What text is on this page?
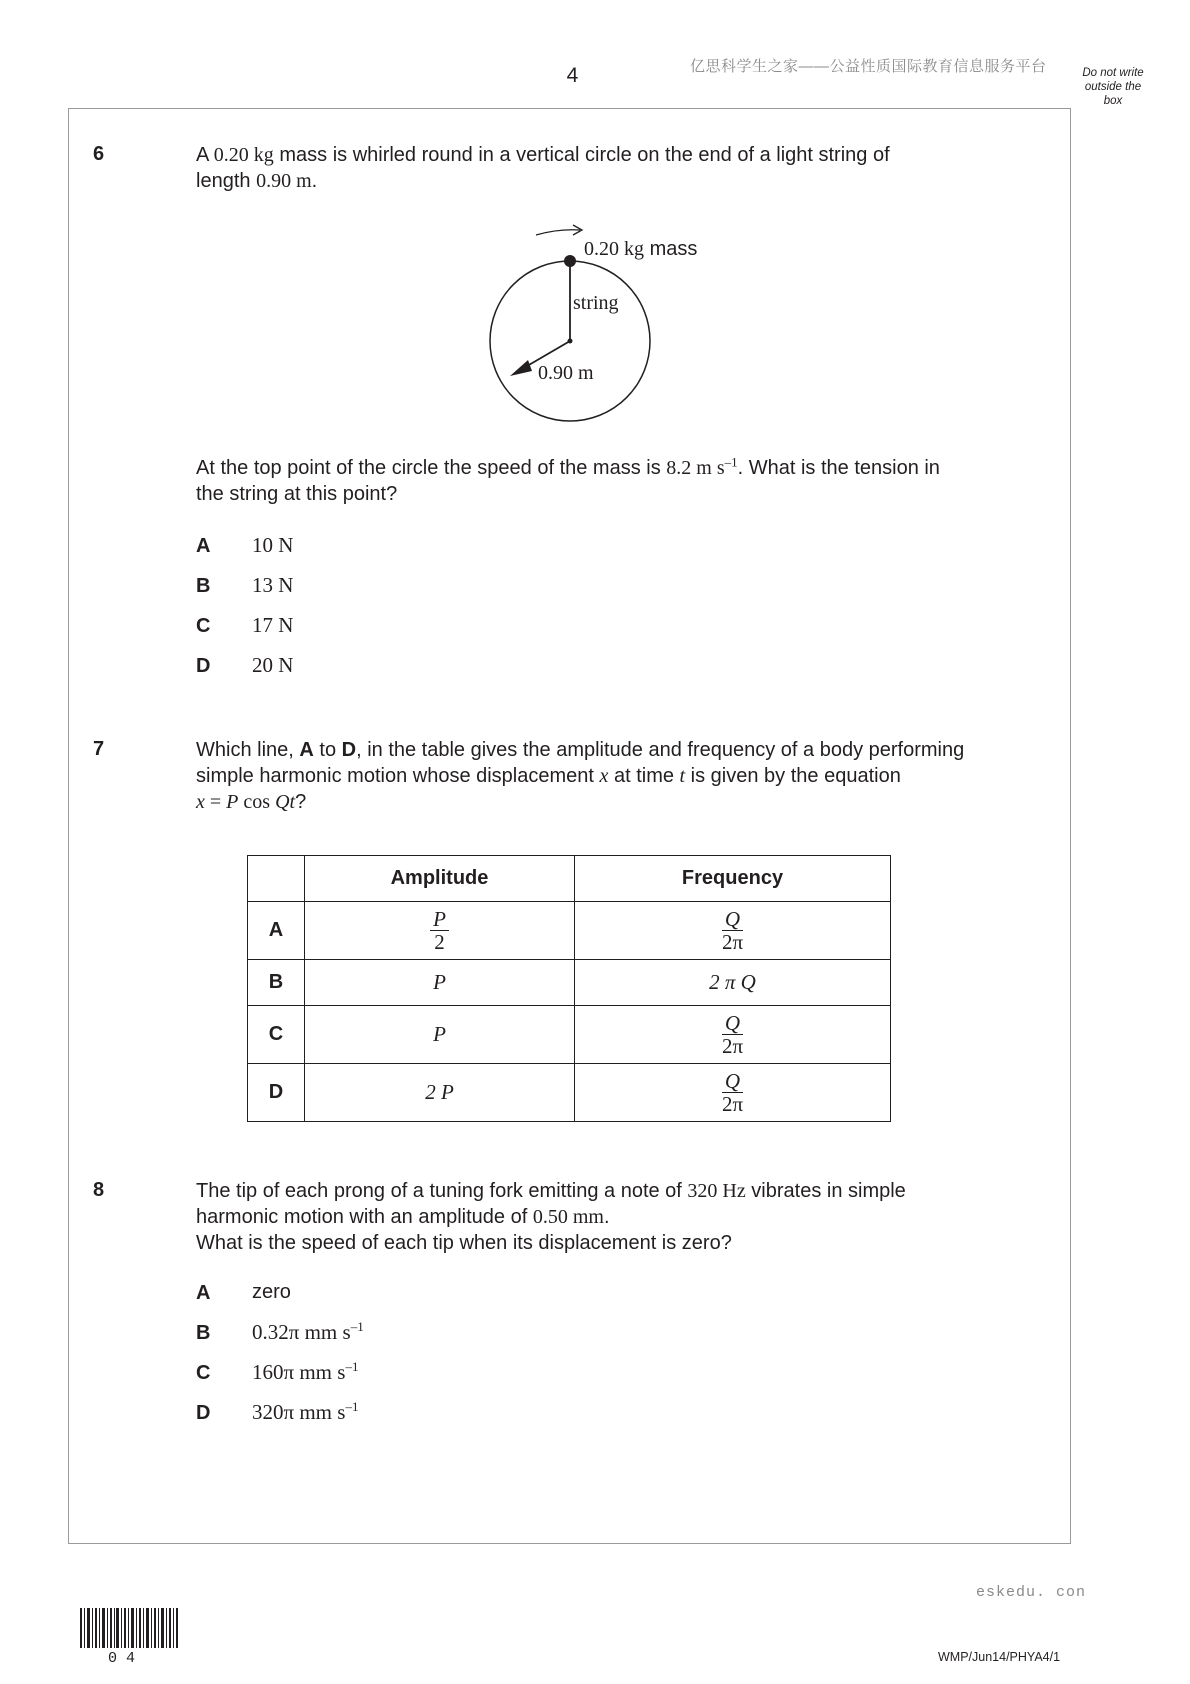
4	亿思科学生之家——公益性质国际教育信息服务平台	Do not write
outside the
box
6	A 0.20 kg mass is whirled round in a vertical circle on the end of a light string of
length 0.90 m.
0.20 kg mass
string
0.90 m
At the top point of the circle the speed of the mass is 8.2 m $s^{-1}$. What is the tension in
the string at this point?
A 10 N
B 13 N
C 17 N
D 20 N
7	Which line, A to D, in the table gives the amplitude and frequency of a body performing
simple harmonic motion whose displacement x at time t is given by the equation
x = P cos Qt?
	Amplitude	Frequency
A	$\frac{P}{2}$	$\frac{Q}{2\pi}$

B	P	2 π Q
C	P	$\frac{Q}{2\pi}$

D	2 P	$\frac{Q}{2\pi}$
8	The tip of each prong of a tuning fork emitting a note of 320 Hz vibrates in simple
harmonic motion with an amplitude of 0.50 mm.
What is the speed of each tip when its displacement is zero?
A zero
B 0.32π mm $s^{-1}$
C 160π mm $s^{-1}$
D 320π mm $s^{-1}$
eskedu. con
04	WMP/Jun14/PHYA4/1
